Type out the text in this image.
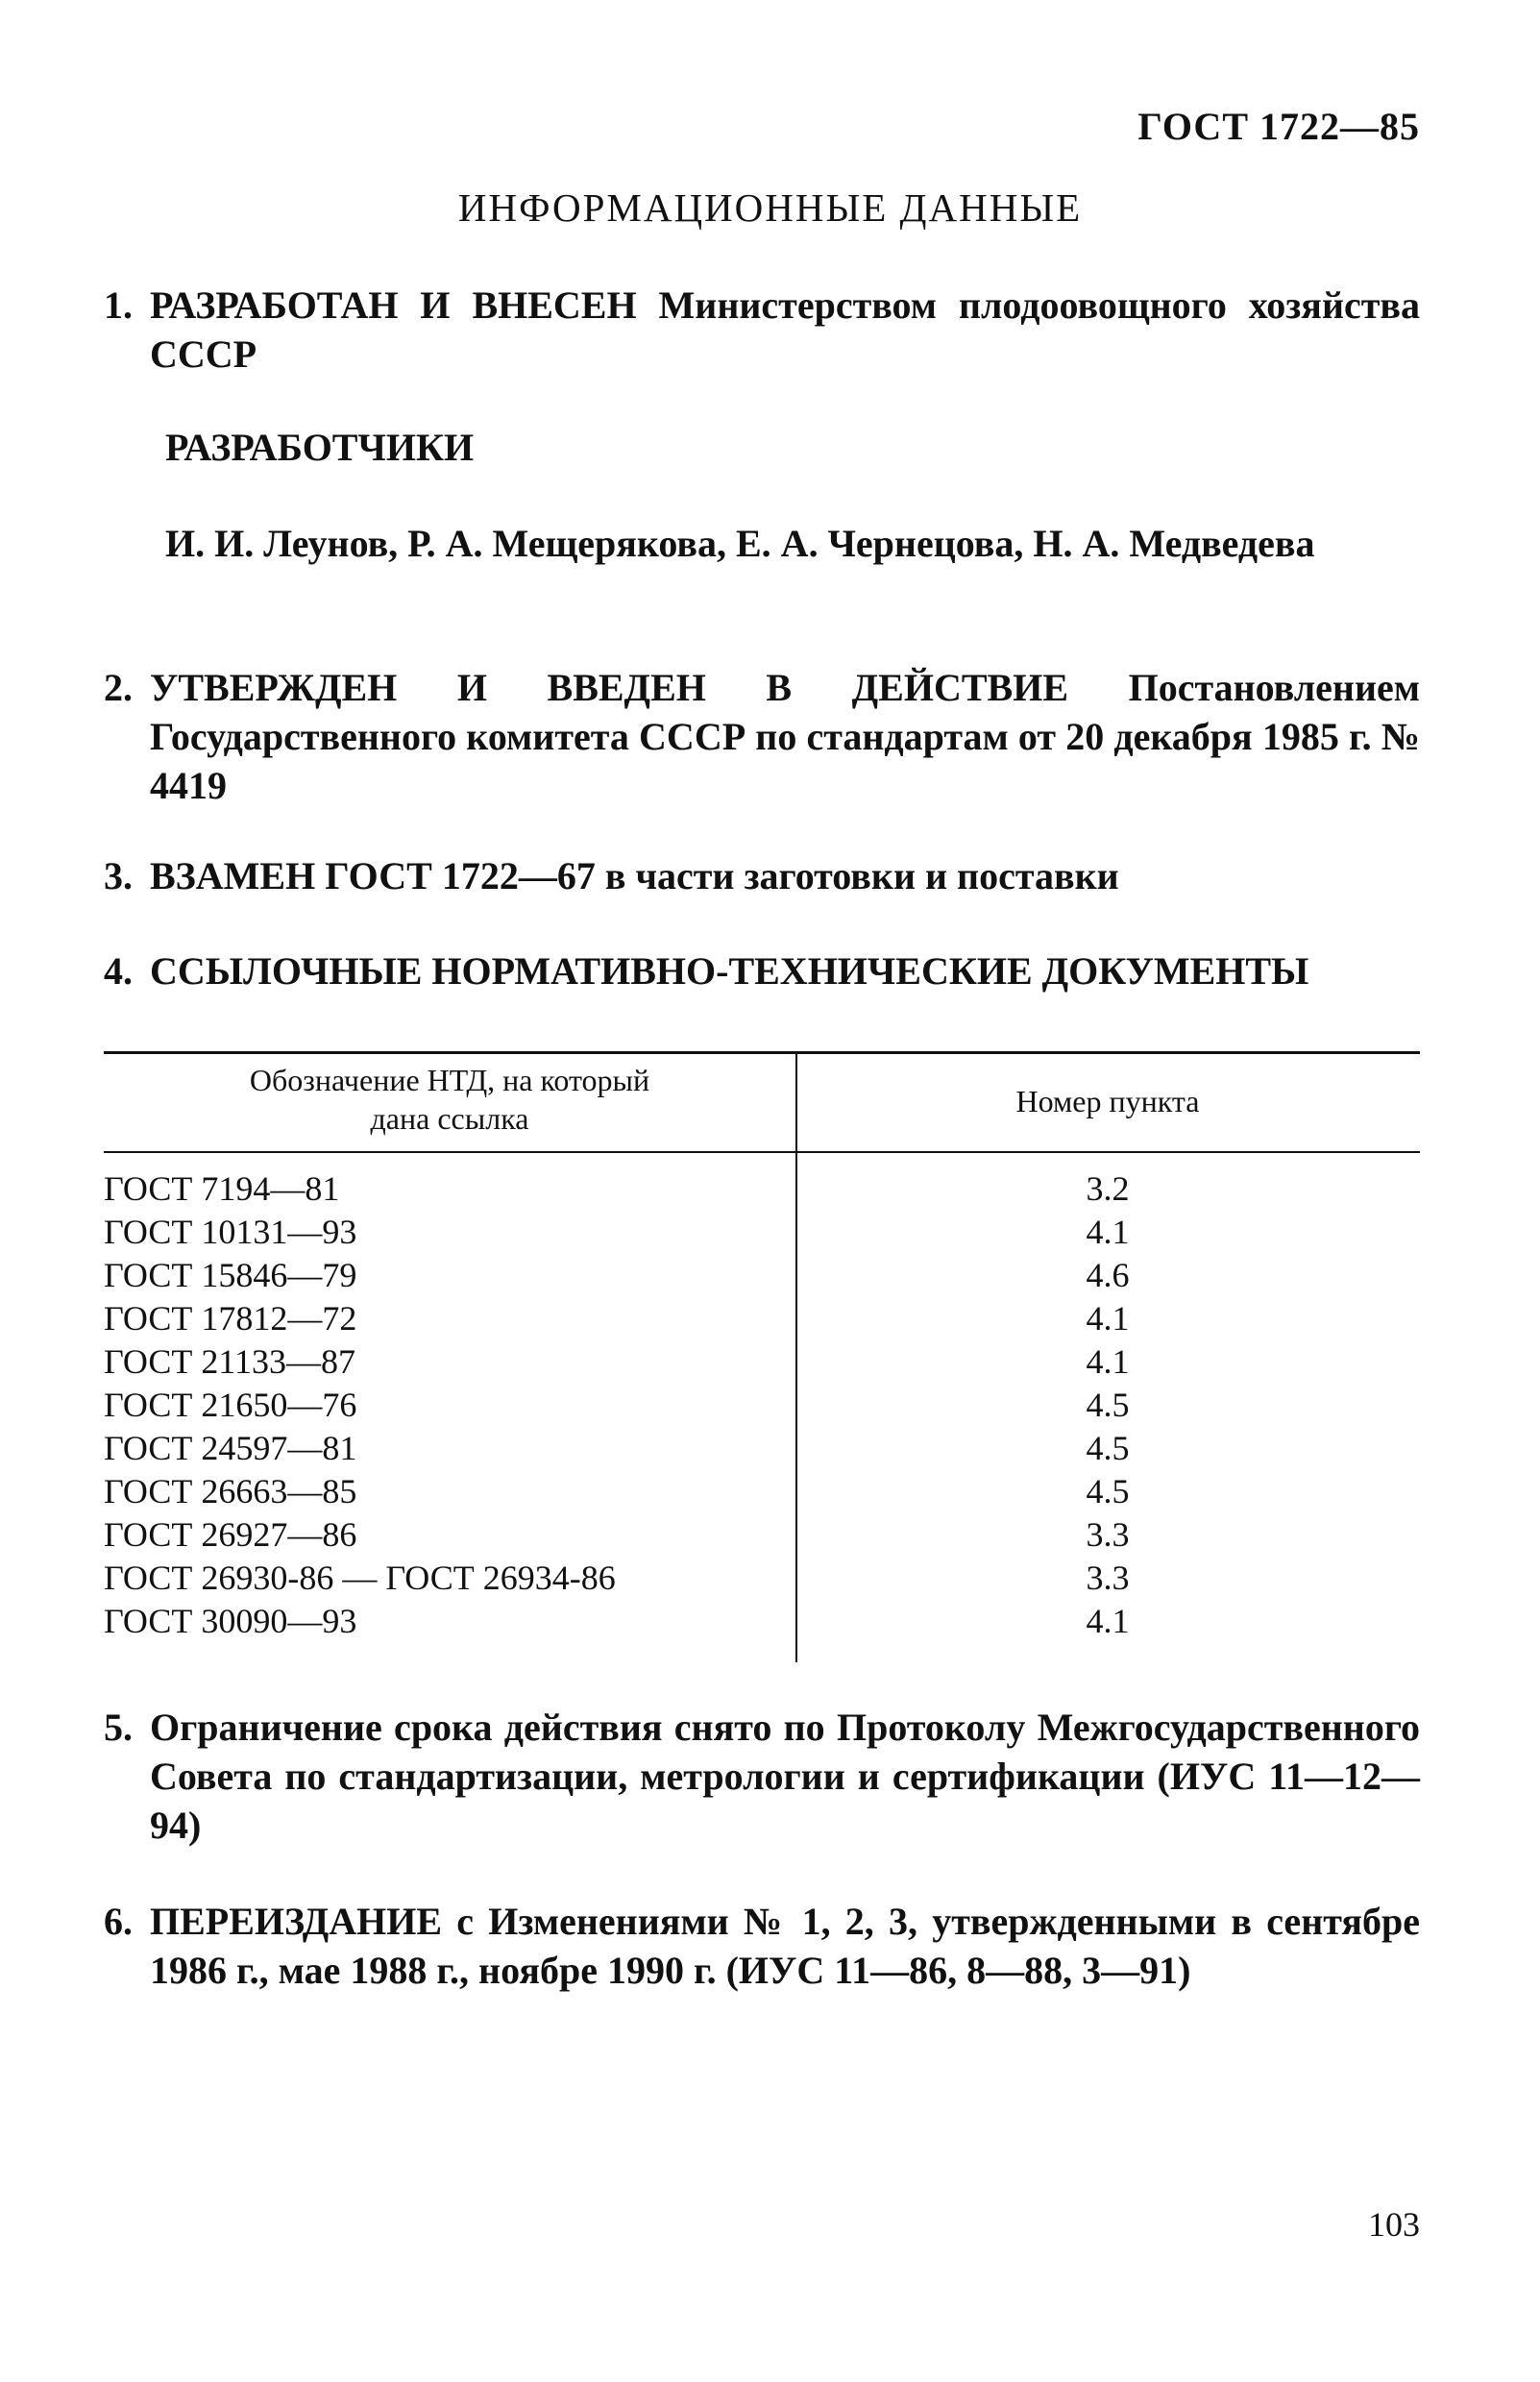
ГОСТ 1722—85
ИНФОРМАЦИОННЫЕ ДАННЫЕ
1. РАЗРАБОТАН И ВНЕСЕН Министерством плодоовощного хозяйства СССР
РАЗРАБОТЧИКИ
И. И. Леунов, Р. А. Мещерякова, Е. А. Чернецова, Н. А. Медведева
2. УТВЕРЖДЕН И ВВЕДЕН В ДЕЙСТВИЕ Постановлением Государственного комитета СССР по стандартам от 20 декабря 1985 г. № 4419
3. ВЗАМЕН ГОСТ 1722—67 в части заготовки и поставки
4. ССЫЛОЧНЫЕ НОРМАТИВНО-ТЕХНИЧЕСКИЕ ДОКУМЕНТЫ
Обозначение НТД, на который дана ссылка	Номер пункта
ГОСТ 7194—81	3.2
ГОСТ 10131—93	4.1
ГОСТ 15846—79	4.6
ГОСТ 17812—72	4.1
ГОСТ 21133—87	4.1
ГОСТ 21650—76	4.5
ГОСТ 24597—81	4.5
ГОСТ 26663—85	4.5
ГОСТ 26927—86	3.3
ГОСТ 26930-86 — ГОСТ 26934-86	3.3
ГОСТ 30090—93	4.1
5. Ограничение срока действия снято по Протоколу Межгосударственного Совета по стандартизации, метрологии и сертификации (ИУС 11—12—94)
6. ПЕРЕИЗДАНИЕ с Изменениями № 1, 2, 3, утвержденными в сентябре 1986 г., мае 1988 г., ноябре 1990 г. (ИУС 11—86, 8—88, 3—91)
103
